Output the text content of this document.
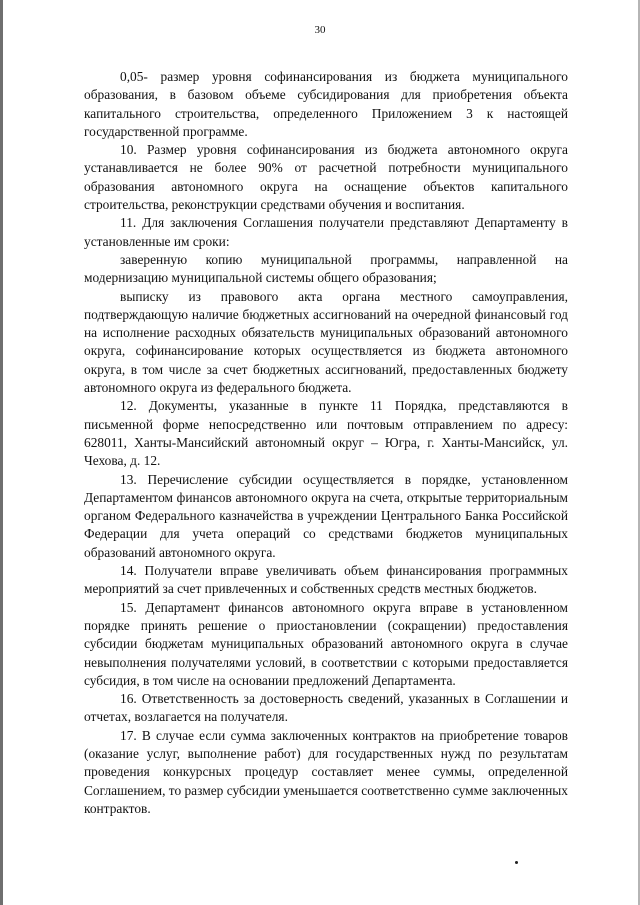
30

0,05- размер уровня софинансирования из бюджета муниципального образования, в базовом объеме субсидирования для приобретения объекта капитального строительства, определенного Приложением 3 к настоящей государственной программе.

10. Размер уровня софинансирования из бюджета автономного округа устанавливается не более 90% от расчетной потребности муниципального образования автономного округа на оснащение объектов капитального строительства, реконструкции средствами обучения и воспитания.

11. Для заключения Соглашения получатели представляют Департаменту в установленные им сроки:

заверенную копию муниципальной программы, направленной на модернизацию муниципальной системы общего образования;

выписку из правового акта органа местного самоуправления, подтверждающую наличие бюджетных ассигнований на очередной финансовый год на исполнение расходных обязательств муниципальных образований автономного округа, софинансирование которых осуществляется из бюджета автономного округа, в том числе за счет бюджетных ассигнований, предоставленных бюджету автономного округа из федерального бюджета.

12. Документы, указанные в пункте 11 Порядка, представляются в письменной форме непосредственно или почтовым отправлением по адресу: 628011, Ханты-Мансийский автономный округ – Югра, г. Ханты-Мансийск, ул. Чехова, д. 12.

13. Перечисление субсидии осуществляется в порядке, установленном Департаментом финансов автономного округа на счета, открытые территориальным органом Федерального казначейства в учреждении Центрального Банка Российской Федерации для учета операций со средствами бюджетов муниципальных образований автономного округа.

14. Получатели вправе увеличивать объем финансирования программных мероприятий за счет привлеченных и собственных средств местных бюджетов.

15. Департамент финансов автономного округа вправе в установленном порядке принять решение о приостановлении (сокращении) предоставления субсидии бюджетам муниципальных образований автономного округа в случае невыполнения получателями условий, в соответствии с которыми предоставляется субсидия, в том числе на основании предложений Департамента.

16. Ответственность за достоверность сведений, указанных в Соглашении и отчетах, возлагается на получателя.

17. В случае если сумма заключенных контрактов на приобретение товаров (оказание услуг, выполнение работ) для государственных нужд по результатам проведения конкурсных процедур составляет менее суммы, определенной Соглашением, то размер субсидии уменьшается соответственно сумме заключенных контрактов.
